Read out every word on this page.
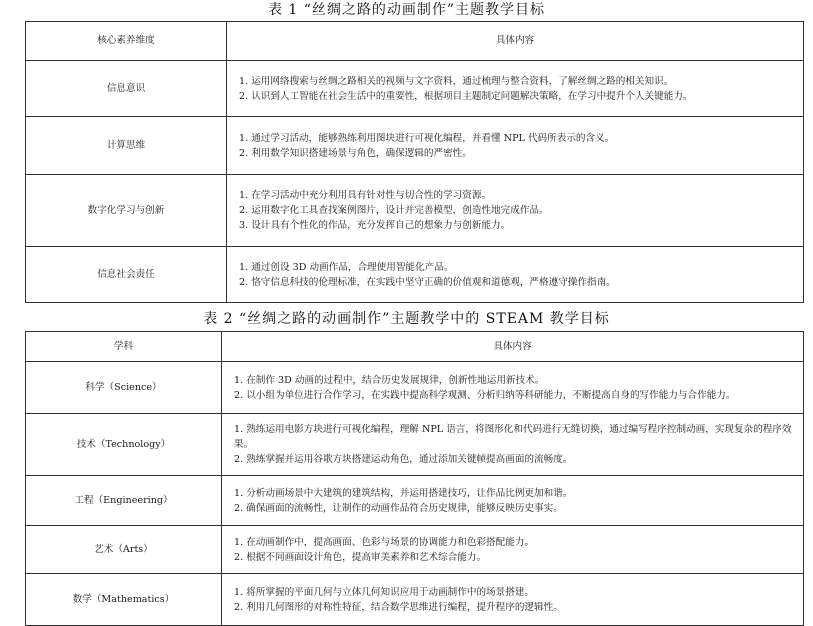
表 1 “丝绸之路的动画制作”主题教学目标
核心素养维度	具体内容
信息意识	1. 运用网络搜索与丝绸之路相关的视频与文字资料，通过梳理与整合资料，了解丝绸之路的相关知识。
2. 认识到人工智能在社会生活中的重要性，根据项目主题制定问题解决策略，在学习中提升个人关键能力。

计算思维	1. 通过学习活动，能够熟练利用图块进行可视化编程，并看懂 NPL 代码所表示的含义。
2. 利用数学知识搭建场景与角色，确保逻辑的严密性。

数字化学习与创新	1. 在学习活动中充分利用具有针对性与切合性的学习资源。
2. 运用数字化工具查找案例图片，设计并完善模型，创造性地完成作品。
3. 设计具有个性化的作品，充分发挥自己的想象力与创新能力。

信息社会责任	1. 通过创设 3D 动画作品，合理使用智能化产品。
2. 恪守信息科技的伦理标准，在实践中坚守正确的价值观和道德观，严格遵守操作指南。
表 2 “丝绸之路的动画制作”主题教学中的 STEAM 教学目标
学科	具体内容
科学（Science）	1. 在制作 3D 动画的过程中，结合历史发展规律，创新性地运用新技术。
2. 以小组为单位进行合作学习，在实践中提高科学观测、分析归纳等科研能力，不断提高自身的写作能力与合作能力。

技术（Technology）	1. 熟练运用电影方块进行可视化编程，理解 NPL 语言，将图形化和代码进行无缝切换，通过编写程序控制动画，实现复杂的程序效果。
2. 熟练掌握并运用谷歌方块搭建运动角色，通过添加关键帧提高画面的流畅度。

工程（Engineering）	1. 分析动画场景中大建筑的建筑结构，并运用搭建技巧，让作品比例更加和谐。
2. 确保画面的流畅性，让制作的动画作品符合历史规律，能够反映历史事实。

艺术（Arts）	1. 在动画制作中，提高画面、色彩与场景的协调能力和色彩搭配能力。
2. 根据不同画面设计角色，提高审美素养和艺术综合能力。

数学（Mathematics）	1. 将所掌握的平面几何与立体几何知识应用于动画制作中的场景搭建。
2. 利用几何图形的对称性特征，结合数学思维进行编程，提升程序的逻辑性。
